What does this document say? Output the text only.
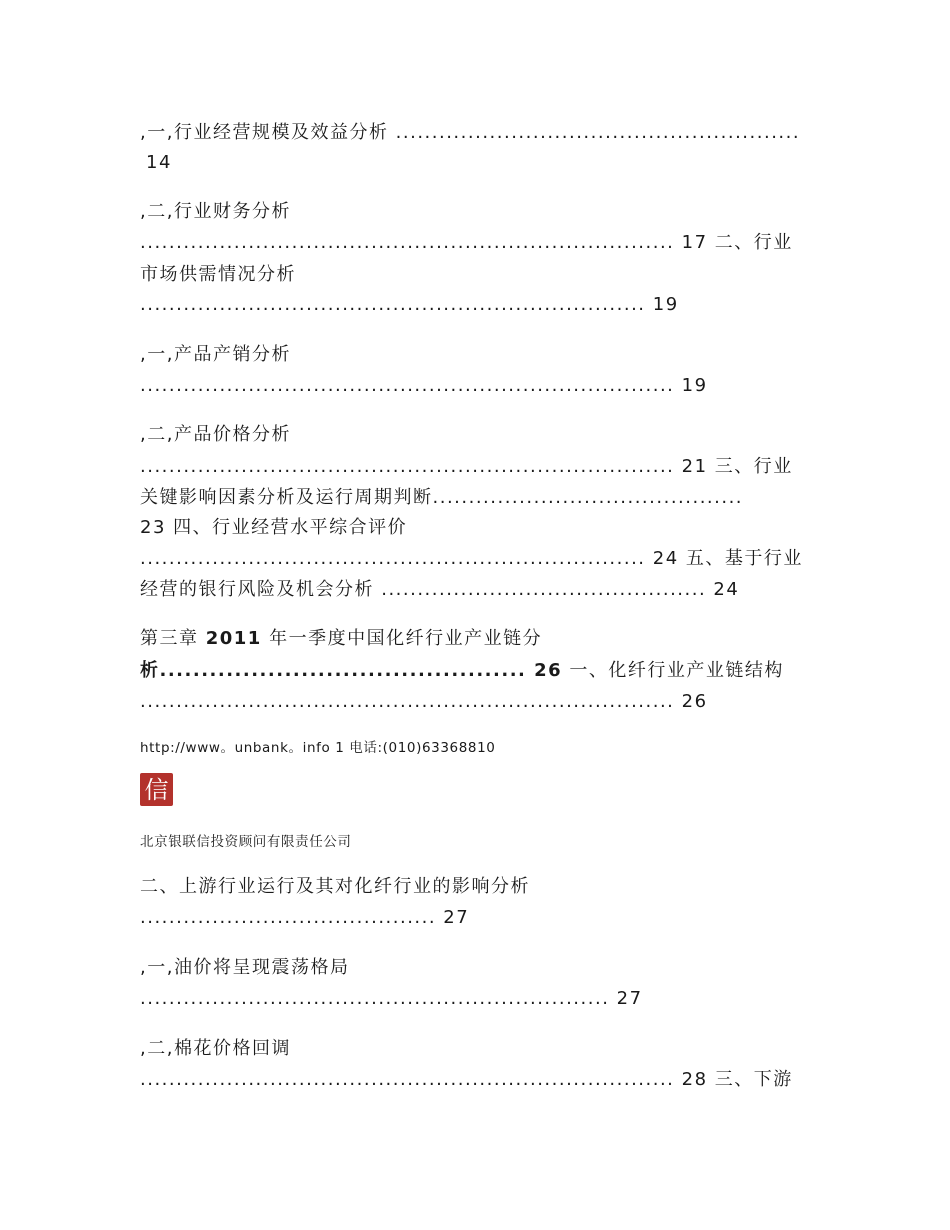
,一,行业经营规模及效益分析 ........................................................
14
,二,行业财务分析
.......................................................................... 17 二、行业
市场供需情况分析
...................................................................... 19
,一,产品产销分析
.......................................................................... 19
,二,产品价格分析
.......................................................................... 21 三、行业
关键影响因素分析及运行周期判断...........................................
23 四、行业经营水平综合评价
...................................................................... 24 五、基于行业
经营的银行风险及机会分析 ............................................. 24
第三章 2011 年一季度中国化纤行业产业链分
析............................................ 26 一、化纤行业产业链结构
.......................................................................... 26
http://www。unbank。info 1 电话:(010)63368810
信
北京银联信投资顾问有限责任公司
二、上游行业运行及其对化纤行业的影响分析
......................................... 27
,一,油价将呈现震荡格局
................................................................. 27
,二,棉花价格回调
.......................................................................... 28 三、下游
